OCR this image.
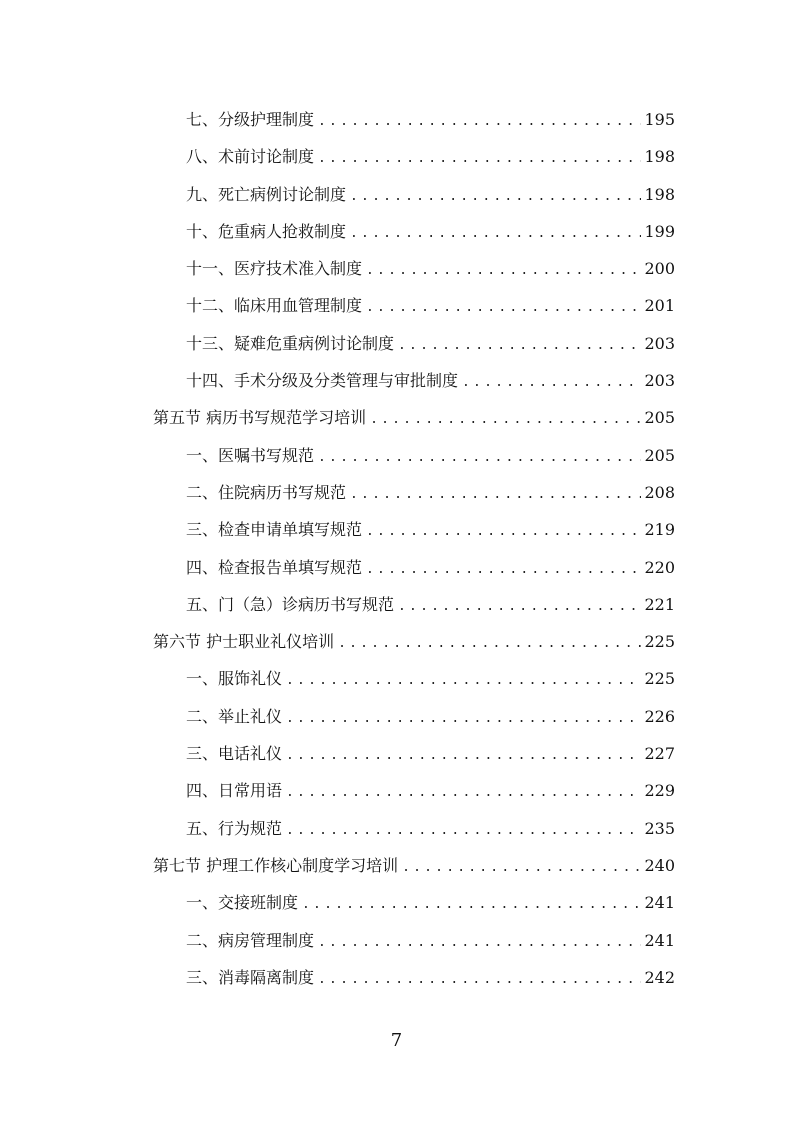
七、分级护理制度 .....	195
八、术前讨论制度 .....	198
九、死亡病例讨论制度 .....	198
十、危重病人抢救制度 .....	199
十一、医疗技术准入制度 .....	200
十二、临床用血管理制度 .....	201
十三、疑难危重病例讨论制度 .....	203
十四、手术分级及分类管理与审批制度 .....	203
第五节 病历书写规范学习培训 .....	205
一、医嘱书写规范 .....	205
二、住院病历书写规范 .....	208
三、检查申请单填写规范 .....	219
四、检查报告单填写规范 .....	220
五、门（急）诊病历书写规范 .....	221
第六节 护士职业礼仪培训 .....	225
一、服饰礼仪 .....	225
二、举止礼仪 .....	226
三、电话礼仪 .....	227
四、日常用语 .....	229
五、行为规范 .....	235
第七节 护理工作核心制度学习培训 .....	240
一、交接班制度 .....	241
二、病房管理制度 .....	241
三、消毒隔离制度 .....	242
7
